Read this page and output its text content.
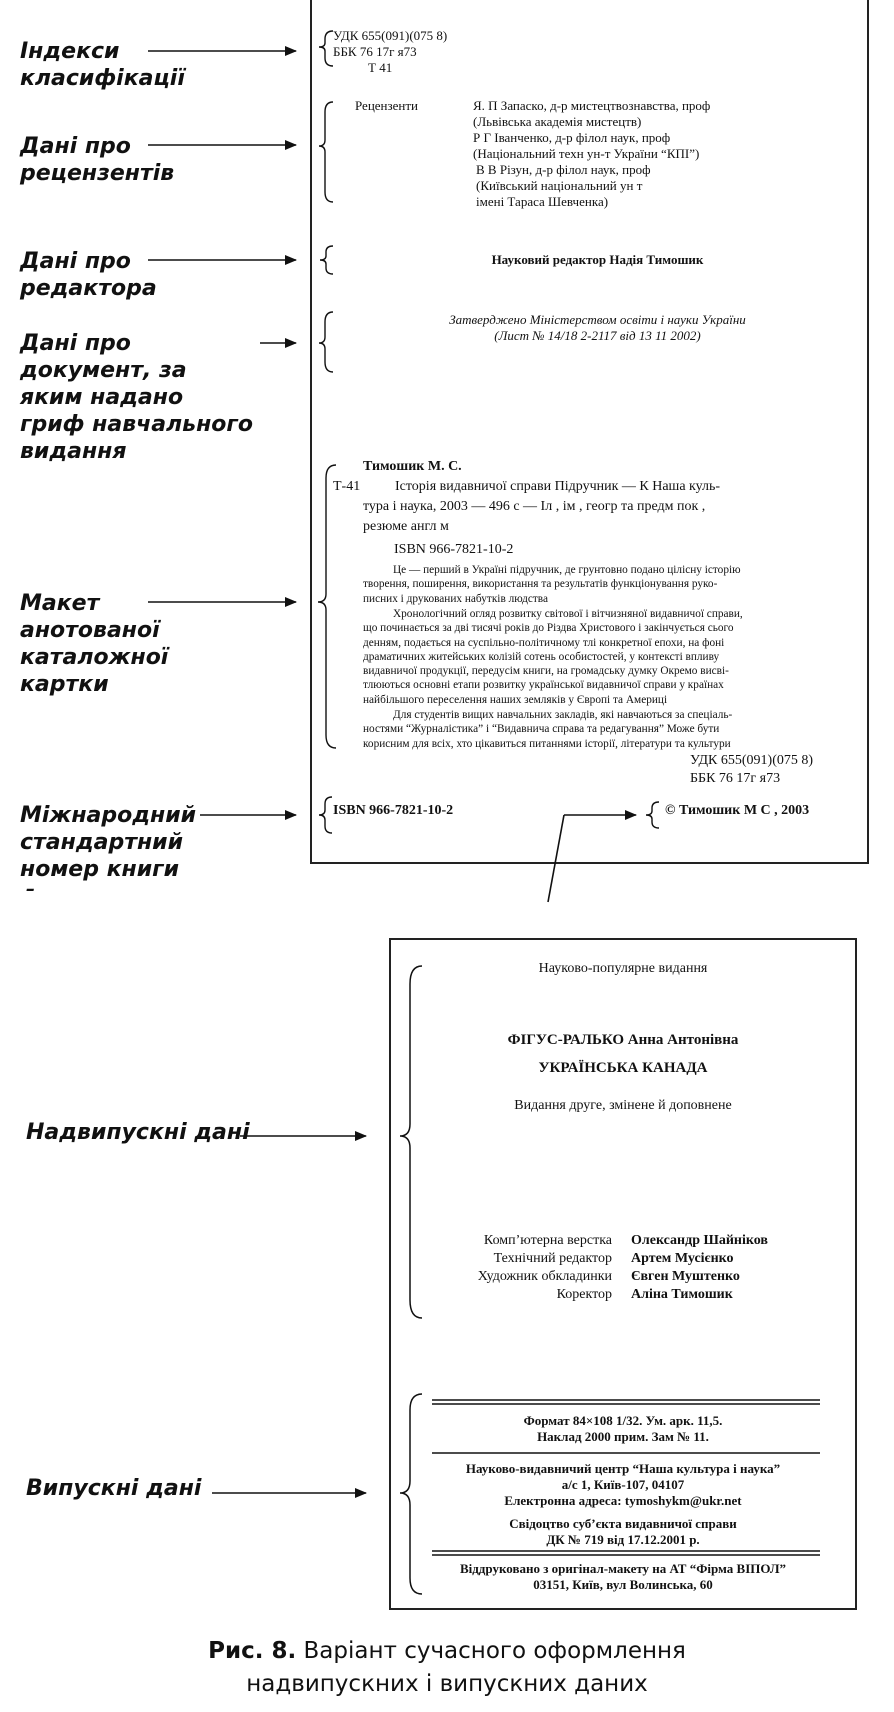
Індекси класифікації
Дані про рецензентів
Дані про редактора
Дані про документ, за яким надано гриф навчального видання
Макет анотованої каталожної картки
Міжнародний стандартний номер книги
–
УДК 655(091)(075 8)
ББК 76 17г я73
Т 41
Рецензенти	Я. П Запаско, д-р мистецтвознавства, проф
(Львівська академія мистецтв)
Р Г Іванченко, д-р філол наук, проф
(Національний техн ун-т України “КПІ”)
В В Різун, д-р філол наук, проф
(Київський національний ун т
імені Тараса Шевченка)
Науковий редактор Надія Тимошик
Затверджено Міністерством освіти і науки України
(Лист № 14/18 2-2117 від 13 11 2002)
Тимошик М. С.
Т-41 Історія видавничої справи Підручник — К Наша куль-
тура і наука, 2003 — 496 с — Іл , ім , геогр та предм пок ,
резюме англ м
ISBN 966-7821-10-2
Це — перший в Україні підручник, де грунтовно подано цілісну історію
творення, поширення, використання та результатів функціонування руко-
писних і друкованих набутків людства
Хронологічний огляд розвитку світової і вітчизняної видавничої справи,
що починається за дві тисячі років до Різдва Христового і закінчується сього
денням, подається на суспільно-політичному тлі конкретної епохи, на фоні
драматичних житейських колізій сотень особистостей, у контексті впливу
видавничої продукції, передусім книги, на громадську думку Окремо висві-
тлюються основні етапи розвитку української видавничої справи у країнах
найбільшого переселення наших земляків у Європі та Америці
Для студентів вищих навчальних закладів, які навчаються за спеціаль-
ностями “Журналістика” і “Видавнича справа та редагування” Може бути
корисним для всіх, хто цікавиться питаннями історії, літератури та культури
УДК 655(091)(075 8)
ББК 76 17г я73
ISBN 966-7821-10-2	© Тимошик М С , 2003
Надвипускні дані
Випускні дані
Науково-популярне видання
ФІГУС-РАЛЬКО Анна Антонівна
УКРАЇНСЬКА КАНАДА
Видання друге, змінене й доповнене
Комп’ютерна верстка Олександр Шайніков
Технічний редактор Артем Мусієнко
Художник обкладинки Євген Муштенко
Коректор Аліна Тимошик
Формат 84×108 1/32. Ум. арк. 11,5.
Наклад 2000 прим. Зам № 11.
Науково-видавничий центр “Наша культура і наука”
а/с 1, Київ-107, 04107
Електронна адреса: tymoshykm@ukr.net
Свідоцтво суб’єкта видавничої справи
ДК № 719 від 17.12.2001 р.
Віддруковано з оригінал-макету на АТ “Фірма ВІПОЛ”
03151, Київ, вул Волинська, 60
Рис. 8. Варіант сучасного оформлення
надвипускних і випускних даних
